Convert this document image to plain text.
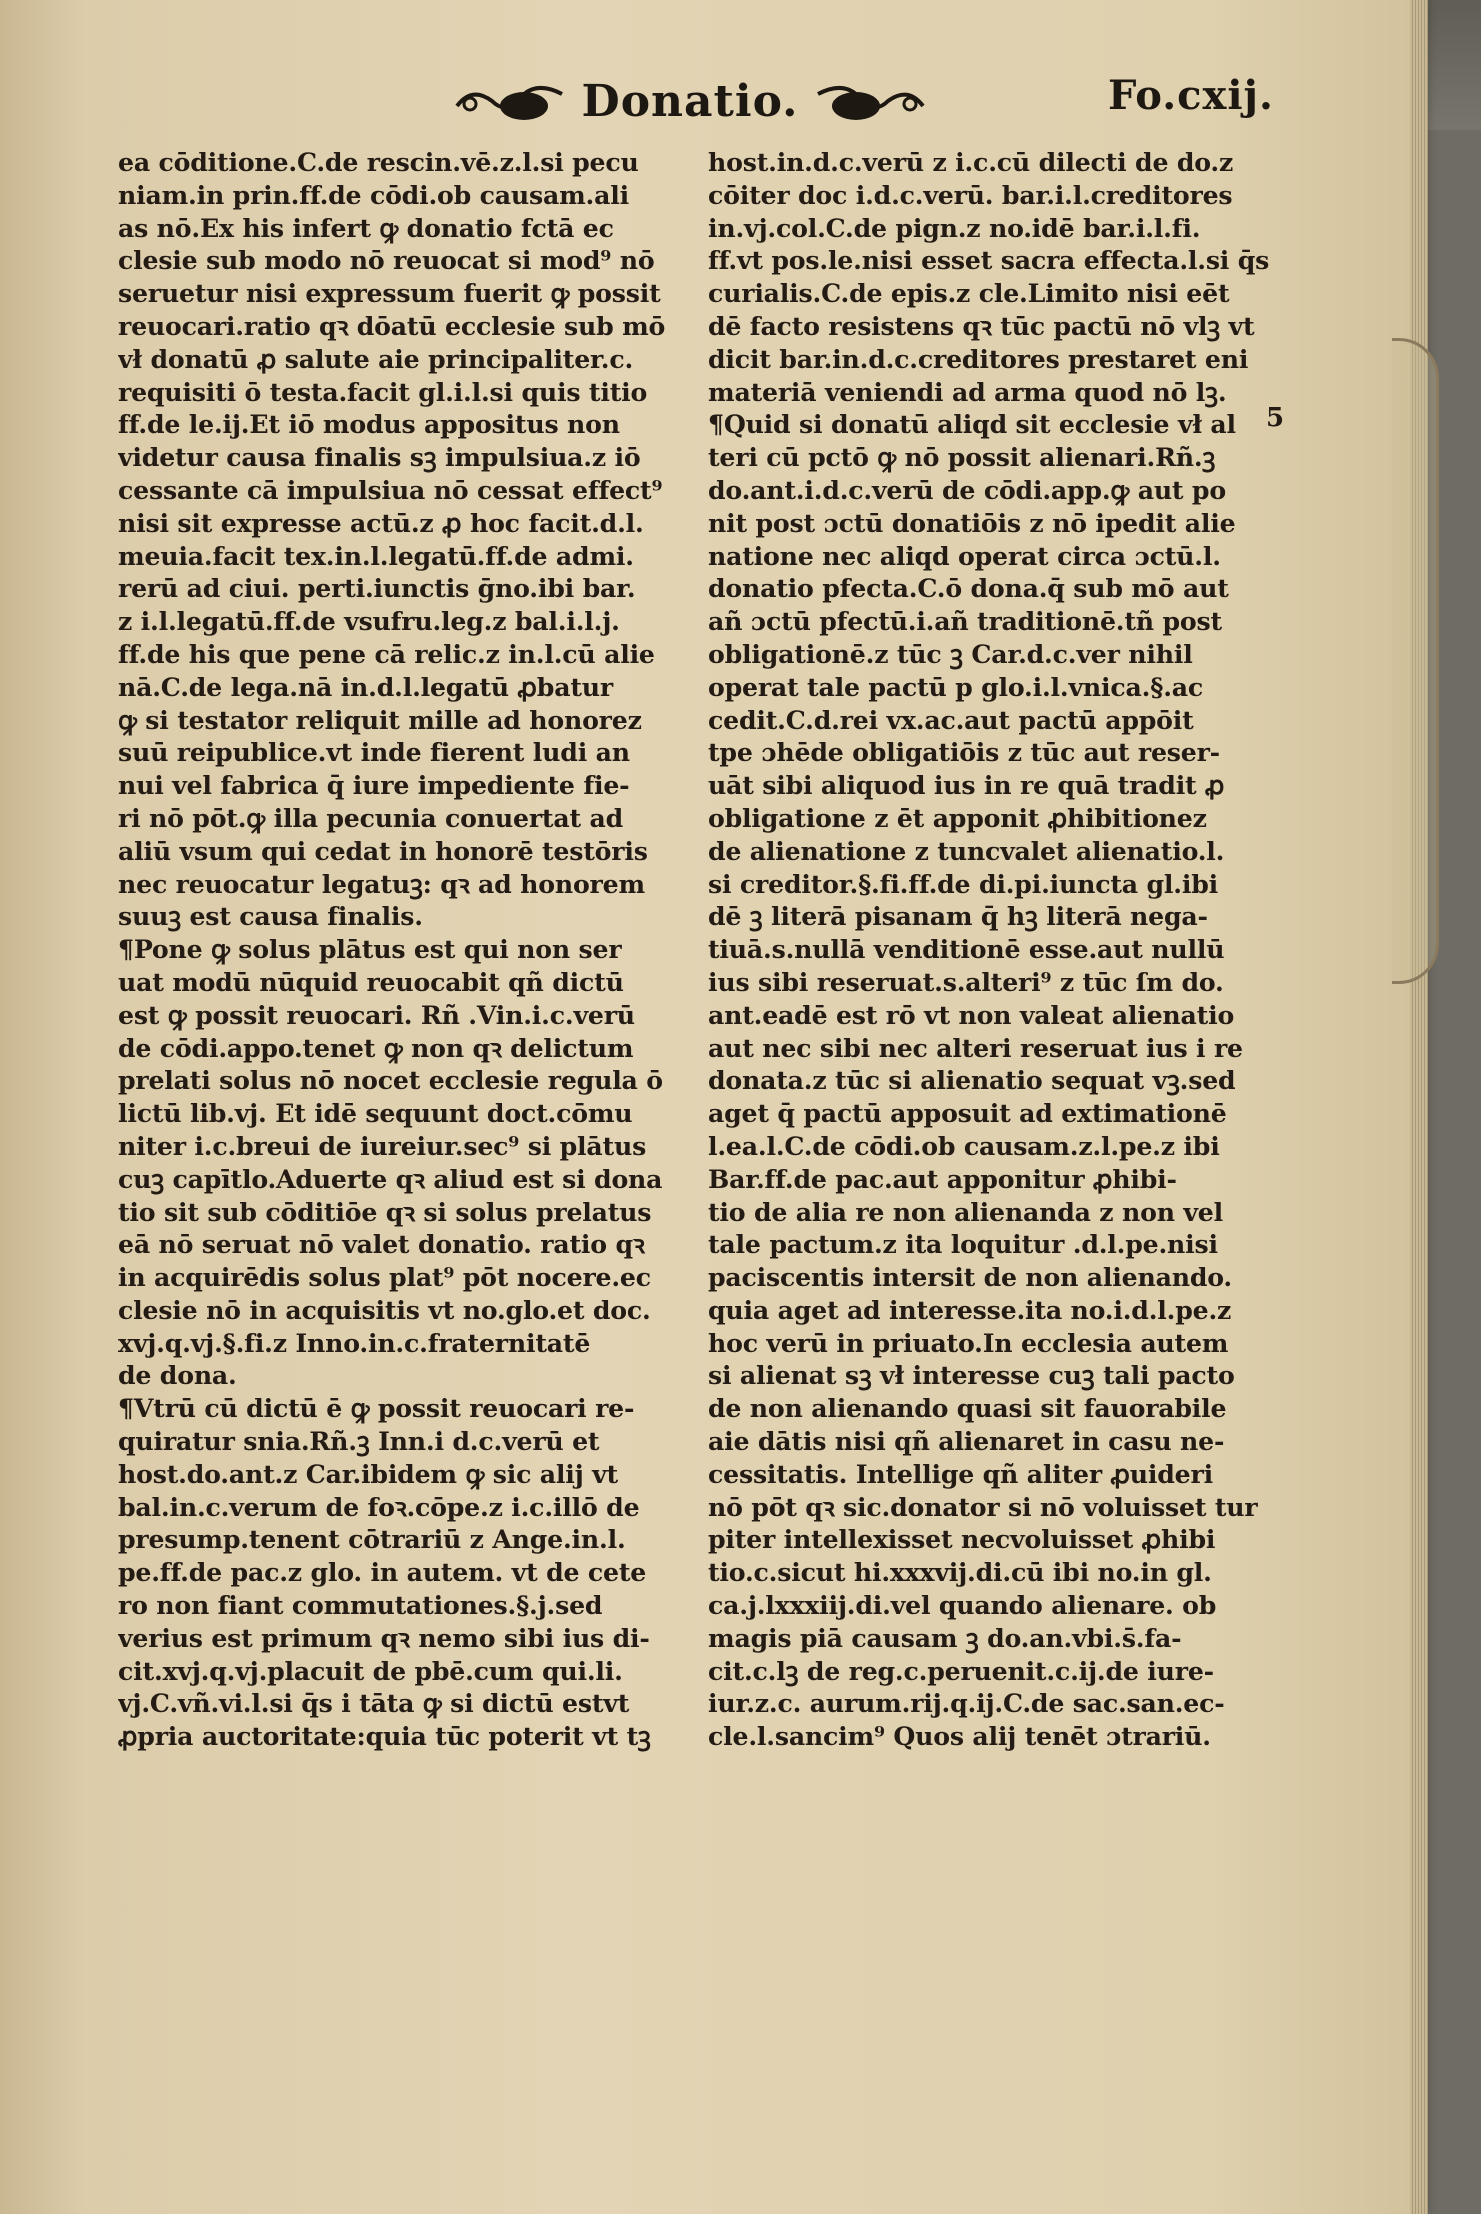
Donatio.	Fo.cxij.
ea cōditione.C.de rescin.vē.z.l.si pecu
niam.in prin.ff.de cōdi.ob causam.ali
as nō.Ex his infert ꝙ donatio fctā ec
clesie sub modo nō reuocat si mod⁹ nō
seruetur nisi expressum fuerit ꝙ possit
reuocari.ratio qꝛ dōatū ecclesie sub mō
vł donatū ꝓ salute aie principaliter.c.
requisiti ō testa.facit gl.i.l.si quis titio
ff.de le.ij.Et iō modus appositus non
videtur causa finalis sꝫ impulsiua.z iō
cessante cā impulsiua nō cessat effect⁹
nisi sit expresse actū.z ꝓ hoc facit.d.l.
meuia.facit tex.in.l.legatū.ff.de admi.
rerū ad ciui. perti.iunctis ḡno.ibi bar.
z i.l.legatū.ff.de vsufru.leg.z bal.i.l.j.
ff.de his que pene cā relic.z in.l.cū alie
nā.C.de lega.nā in.d.l.legatū ꝓbatur
ꝙ si testator reliquit mille ad honorez
suū reipublice.vt inde fierent ludi an
nui vel fabrica q̄ iure impediente fie-
ri nō pōt.ꝙ illa pecunia conuertat ad
aliū vsum qui cedat in honorē testōris
nec reuocatur legatuꝫ: qꝛ ad honorem
suuꝫ est causa finalis.
¶Pone ꝙ solus plātus est qui non ser
uat modū nūquid reuocabit qñ dictū
est ꝙ possit reuocari. Rñ .Vin.i.c.verū
de cōdi.appo.tenet ꝙ non qꝛ delictum
prelati solus nō nocet ecclesie regula ō
lictū lib.vj. Et idē sequunt doct.cōmu
niter i.c.breui de iureiur.sec⁹ si plātus
cuꝫ capītlo.Aduerte qꝛ aliud est si dona
tio sit sub cōditiōe qꝛ si solus prelatus
eā nō seruat nō valet donatio. ratio qꝛ
in acquirēdis solus plat⁹ pōt nocere.ec
clesie nō in acquisitis vt no.glo.et doc.
xvj.q.vj.§.fi.z Inno.in.c.fraternitatē
de dona.
¶Vtrū cū dictū ē ꝙ possit reuocari re-
quiratur snia.Rñ.ꝫ Inn.i d.c.verū et
host.do.ant.z Car.ibidem ꝙ sic alij vt
bal.in.c.verum de foꝛ.cōpe.z i.c.illō de
presump.tenent cōtrariū z Ange.in.l.
pe.ff.de pac.z glo. in autem. vt de cete
ro non fiant commutationes.§.j.sed
verius est primum qꝛ nemo sibi ius di-
cit.xvj.q.vj.placuit de pbē.cum qui.li.
vj.C.vñ.vi.l.si q̄s i tāta ꝙ si dictū estvt
ꝓpria auctoritate:quia tūc poterit vt tꝫ
host.in.d.c.verū z i.c.cū dilecti de do.z
cōiter doc i.d.c.verū. bar.i.l.creditores
in.vj.col.C.de pign.z no.idē bar.i.l.fi.
ff.vt pos.le.nisi esset sacra effecta.l.si q̄s
curialis.C.de epis.z cle.Limito nisi eēt
dē facto resistens qꝛ tūc pactū nō vlꝫ vt
dicit bar.in.d.c.creditores prestaret eni
materiā veniendi ad arma quod nō lꝫ.
¶Quid si donatū aliqd sit ecclesie vł al
teri cū pctō ꝙ nō possit alienari.Rñ.ꝫ
do.ant.i.d.c.verū de cōdi.app.ꝙ aut po
nit post ɔctū donatiōis z nō ipedit alie
natione nec aliqd operat circa ɔctū.l.
donatio pfecta.C.ō dona.q̄ sub mō aut
añ ɔctū pfectū.i.añ traditionē.tñ post
obligationē.z tūc ꝫ Car.d.c.ver nihil
operat tale pactū p glo.i.l.vnica.§.ac
cedit.C.d.rei vx.ac.aut pactū appōit
tpe ɔhēde obligatiōis z tūc aut reser-
uāt sibi aliquod ius in re quā tradit ꝓ
obligatione z ēt apponit ꝓhibitionez
de alienatione z tuncvalet alienatio.l.
si creditor.§.fi.ff.de di.pi.iuncta gl.ibi
dē ꝫ literā pisanam q̄ hꝫ literā nega-
tiuā.s.nullā venditionē esse.aut nullū
ius sibi reseruat.s.alteri⁹ z tūc ſm do.
ant.eadē est rō vt non valeat alienatio
aut nec sibi nec alteri reseruat ius i re
donata.z tūc si alienatio sequat vꝫ.sed
aget q̄ pactū apposuit ad extimationē
l.ea.l.C.de cōdi.ob causam.z.l.pe.z ibi
Bar.ff.de pac.aut apponitur ꝓhibi-
tio de alia re non alienanda z non vel
tale pactum.z ita loquitur .d.l.pe.nisi
paciscentis intersit de non alienando.
quia aget ad interesse.ita no.i.d.l.pe.z
hoc verū in priuato.In ecclesia autem
si alienat sꝫ vł interesse cuꝫ tali pacto
de non alienando quasi sit fauorabile
aie dātis nisi qñ alienaret in casu ne-
cessitatis. Intellige qñ aliter ꝓuideri
nō pōt qꝛ sic.donator si nō voluisset tur
piter intellexisset necvoluisset ꝓhibi
tio.c.sicut hi.xxxvij.di.cū ibi no.in gl.
ca.j.lxxxiij.di.vel quando alienare. ob
magis piā causam ꝫ do.an.vbi.s̄.fa-
cit.c.lꝫ de reg.c.peruenit.c.ij.de iure-
iur.z.c. aurum.rij.q.ij.C.de sac.san.ec-
cle.l.sancim⁹ Quos alij tenēt ɔtrariū.
5
